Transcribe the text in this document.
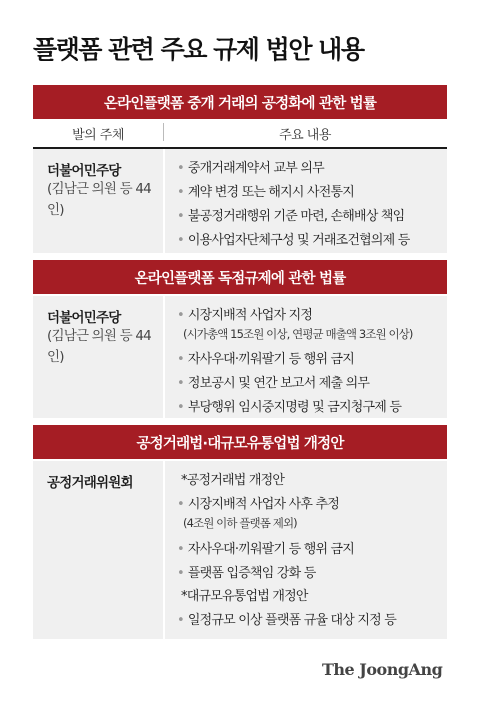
플랫폼 관련 주요 규제 법안 내용
온라인플랫폼 중개 거래의 공정화에 관한 법률
발의 주체	주요 내용
더불어민주당
(김남근 의원 등 44인)
• 중개거래계약서 교부 의무
• 계약 변경 또는 해지시 사전통지
• 불공정거래행위 기준 마련, 손해배상 책임
• 이용사업자단체구성 및 거래조건협의제 등
온라인플랫폼 독점규제에 관한 법률
더불어민주당
(김남근 의원 등 44인)
• 시장지배적 사업자 지정
(시가총액 15조원 이상, 연평균 매출액 3조원 이상)
• 자사우대·끼워팔기 등 행위 금지
• 정보공시 및 연간 보고서 제출 의무
• 부당행위 임시중지명령 및 금지청구제 등
공정거래법·대규모유통업법 개정안
공정거래위원회	*공정거래법 개정안
• 시장지배적 사업자 사후 추정
(4조원 이하 플랫폼 제외)
• 자사우대·끼워팔기 등 행위 금지
• 플랫폼 입증책임 강화 등
*대규모유통업법 개정안
• 일정규모 이상 플랫폼 규율 대상 지정 등
The JoongAng
